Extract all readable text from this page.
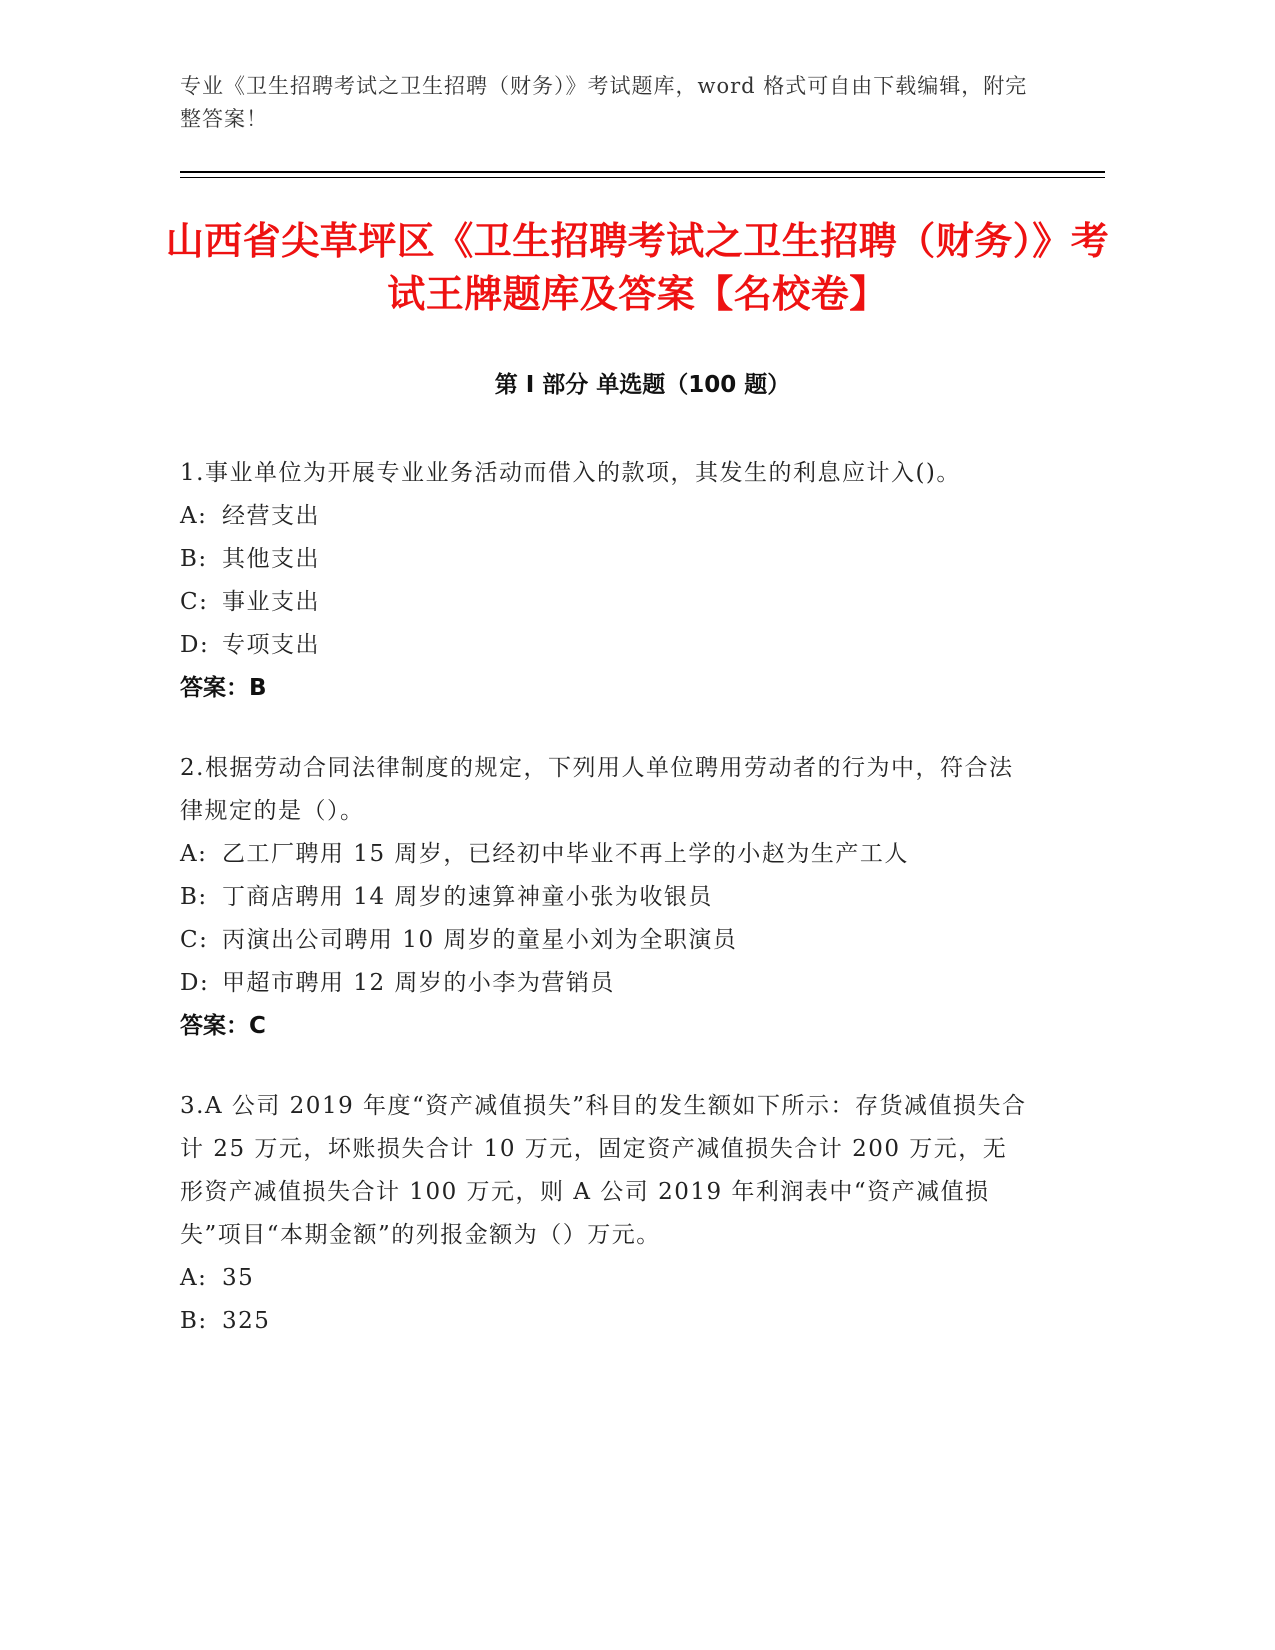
专业《卫生招聘考试之卫生招聘（财务）》考试题库，word 格式可自由下载编辑，附完整答案！
山西省尖草坪区《卫生招聘考试之卫生招聘（财务）》考试王牌题库及答案【名校卷】
第 I 部分 单选题（100 题）
1.事业单位为开展专业业务活动而借入的款项，其发生的利息应计入()。
A: 经营支出
B: 其他支出
C: 事业支出
D: 专项支出
答案：B
2.根据劳动合同法律制度的规定，下列用人单位聘用劳动者的行为中，符合法律规定的是（）。
A: 乙工厂聘用 15 周岁，已经初中毕业不再上学的小赵为生产工人
B: 丁商店聘用 14 周岁的速算神童小张为收银员
C: 丙演出公司聘用 10 周岁的童星小刘为全职演员
D: 甲超市聘用 12 周岁的小李为营销员
答案：C
3.A 公司 2019 年度“资产减值损失”科目的发生额如下所示：存货减值损失合计 25 万元，坏账损失合计 10 万元，固定资产减值损失合计 200 万元，无形资产减值损失合计 100 万元，则 A 公司 2019 年利润表中“资产减值损失”项目“本期金额”的列报金额为（）万元。
A: 35
B: 325
